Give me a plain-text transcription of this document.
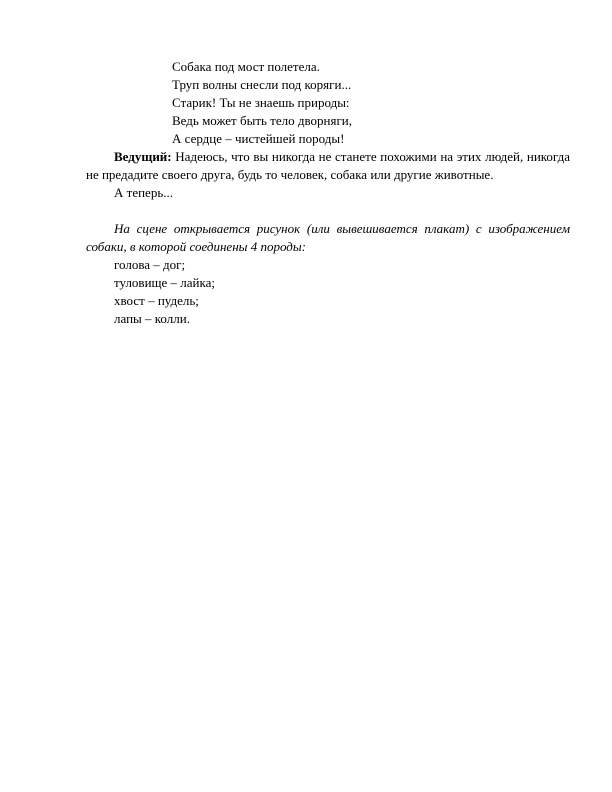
Собака под мост полетела.
Труп волны снесли под коряги...
Старик! Ты не знаешь природы:
Ведь может быть тело дворняги,
А сердце – чистейшей породы!

Ведущий: Надеюсь, что вы никогда не станете похожими на этих людей, никогда не предадите своего друга, будь то человек, собака или другие животные.

А теперь...

На сцене открывается рисунок (или вывешивается плакат) с изображением собаки, в которой соединены 4 породы:

голова – дог;
туловище – лайка;
хвост – пудель;
лапы – колли.
